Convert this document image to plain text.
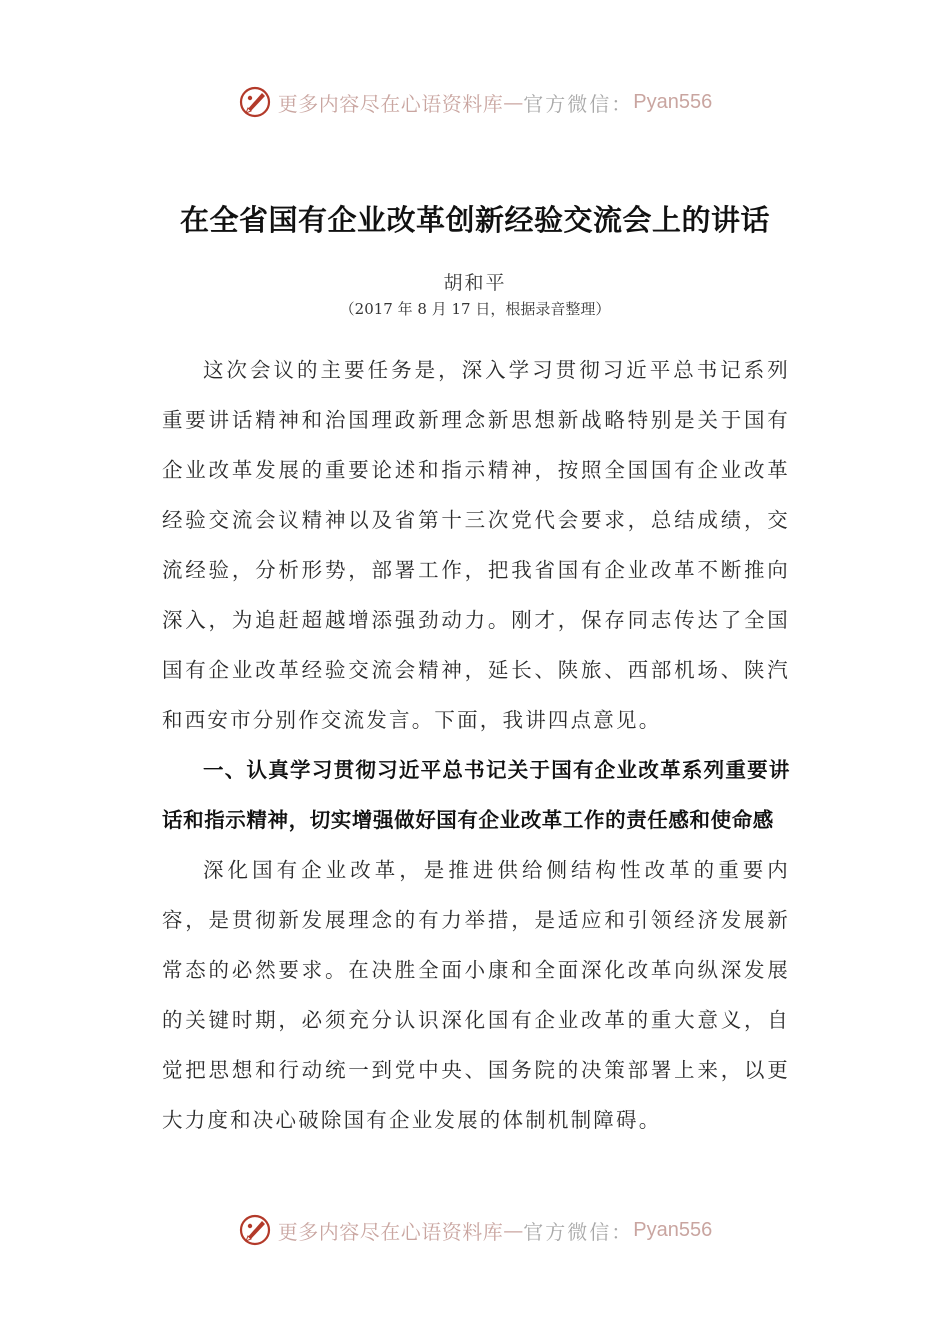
更多内容尽在心语资料库 — 官方微信： Pyan556
在全省国有企业改革创新经验交流会上的讲话
胡和平
（2017 年 8 月 17 日，根据录音整理）

这次会议的主要任务是，深入学习贯彻习近平总书记系列重要讲话精神和治国理政新理念新思想新战略特别是关于国有企业改革发展的重要论述和指示精神，按照全国国有企业改革经验交流会议精神以及省第十三次党代会要求，总结成绩，交流经验，分析形势，部署工作，把我省国有企业改革不断推向深入，为追赶超越增添强劲动力。刚才，保存同志传达了全国国有企业改革经验交流会精神，延长、陕旅、西部机场、陕汽和西安市分别作交流发言。下面，我讲四点意见。

一、认真学习贯彻习近平总书记关于国有企业改革系列重要讲话和指示精神，切实增强做好国有企业改革工作的责任感和使命感

深化国有企业改革，是推进供给侧结构性改革的重要内容，是贯彻新发展理念的有力举措，是适应和引领经济发展新常态的必然要求。在决胜全面小康和全面深化改革向纵深发展的关键时期，必须充分认识深化国有企业改革的重大意义，自觉把思想和行动统一到党中央、国务院的决策部署上来，以更大力度和决心破除国有企业发展的体制机制障碍。

更多内容尽在心语资料库 — 官方微信： Pyan556
